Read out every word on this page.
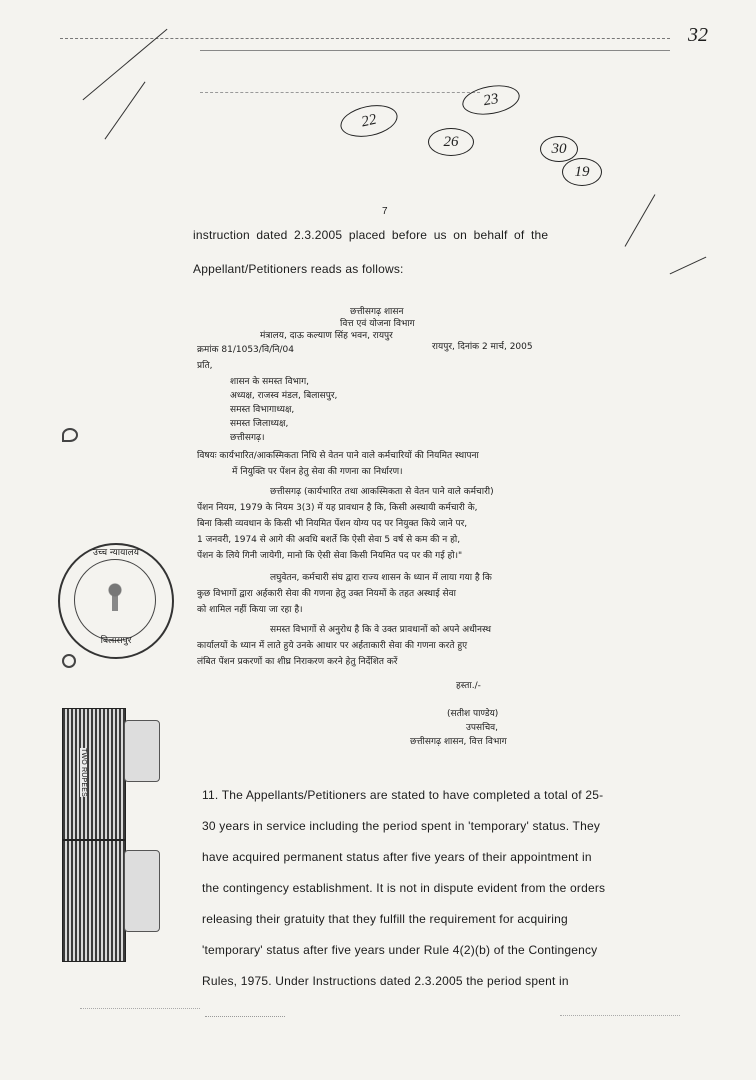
32
22
23
26	30
19
7
instruction dated 2.3.2005 placed before us on behalf of the
Appellant/Petitioners reads as follows:
छत्तीसगढ़ शासन
वित्त एवं योजना विभाग
मंत्रालय, दाऊ कल्याण सिंह भवन, रायपुर
क्रमांक 81/1053/वि/नि/04	रायपुर, दिनांक 2 मार्च, 2005
प्रति,
शासन के समस्त विभाग,
अध्यक्ष, राजस्व मंडल, बिलासपुर,
समस्त विभागाध्यक्ष,
समस्त जिलाध्यक्ष,
छत्तीसगढ़।
विषयः कार्यभारित/आकस्मिकता निधि से वेतन पाने वाले कर्मचारियों की नियमित स्थापना
में नियुक्ति पर पेंशन हेतु सेवा की गणना का निर्धारण।
छत्तीसगढ़ (कार्यभारित तथा आकस्मिकता से वेतन पाने वाले कर्मचारी)
पेंशन नियम, 1979 के नियम 3(3) में यह प्रावधान है कि, किसी अस्थायी कर्मचारी के,
बिना किसी व्यवधान के किसी भी नियमित पेंशन योग्य पद पर नियुक्त किये जाने पर,
1 जनवरी, 1974 से आगे की अवधि बशर्ते कि ऐसी सेवा 5 वर्ष से कम की न हो,
पेंशन के लिये गिनी जायेगी, मानो कि ऐसी सेवा किसी नियमित पद पर की गई हो।"
लघुवेतन, कर्मचारी संघ द्वारा राज्य शासन के ध्यान में लाया गया है कि
कुछ विभागों द्वारा अर्हकारी सेवा की गणना हेतु उक्त नियमों के तहत अस्थाई सेवा
को शामिल नहीं किया जा रहा है।
समस्त विभागों से अनुरोध है कि वे उक्त प्रावधानों को अपने अधीनस्थ
कार्यालयों के ध्यान में लाते हुये उनके आधार पर अर्हताकारी सेवा की गणना करते हुए
लंबित पेंशन प्रकरणों का शीघ्र निराकरण करने हेतु निर्देशित करें
हस्ता./-
(सतीश पाण्डेय)
उपसचिव,
छत्तीसगढ़ शासन, वित्त विभाग
उच्च न्यायालय
बिलासपुर
TWO RUPEES	11. The Appellants/Petitioners are stated to have completed a total of 25-
30 years in service including the period spent in 'temporary' status. They
have acquired permanent status after five years of their appointment in
the contingency establishment. It is not in dispute evident from the orders
releasing their gratuity that they fulfill the requirement for acquiring
'temporary' status after five years under Rule 4(2)(b) of the Contingency
Rules, 1975. Under Instructions dated 2.3.2005 the period spent in
